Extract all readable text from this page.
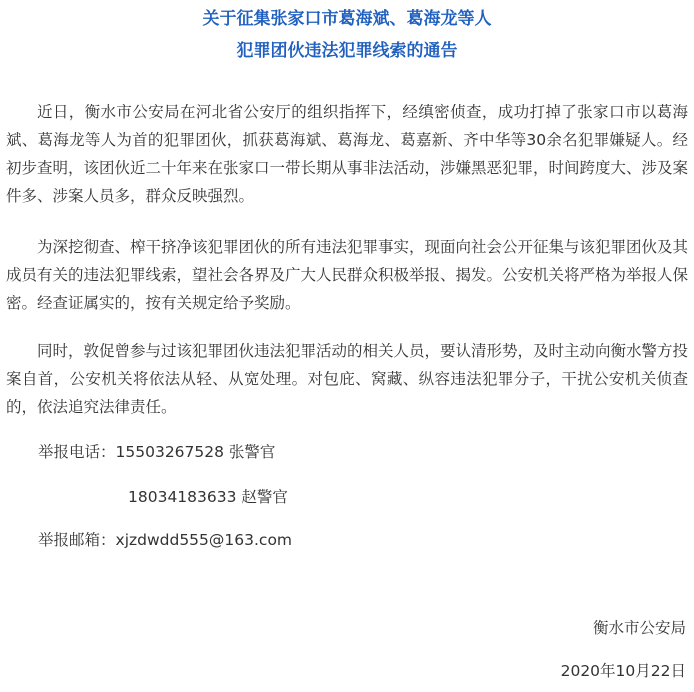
关于征集张家口市葛海斌、葛海龙等人
犯罪团伙违法犯罪线索的通告
近日，衡水市公安局在河北省公安厅的组织指挥下，经缜密侦查，成功打掉了张家口市以葛海斌、葛海龙等人为首的犯罪团伙，抓获葛海斌、葛海龙、葛嘉新、齐中华等30余名犯罪嫌疑人。经初步查明，该团伙近二十年来在张家口一带长期从事非法活动，涉嫌黑恶犯罪，时间跨度大、涉及案件多、涉案人员多，群众反映强烈。
为深挖彻查、榨干挤净该犯罪团伙的所有违法犯罪事实，现面向社会公开征集与该犯罪团伙及其成员有关的违法犯罪线索，望社会各界及广大人民群众积极举报、揭发。公安机关将严格为举报人保密。经查证属实的，按有关规定给予奖励。
同时，敦促曾参与过该犯罪团伙违法犯罪活动的相关人员，要认清形势，及时主动向衡水警方投案自首，公安机关将依法从轻、从宽处理。对包庇、窝藏、纵容违法犯罪分子，干扰公安机关侦查的，依法追究法律责任。
举报电话：15503267528 张警官
18034183633 赵警官
举报邮箱：xjzdwdd555@163.com
衡水市公安局
2020年10月22日
